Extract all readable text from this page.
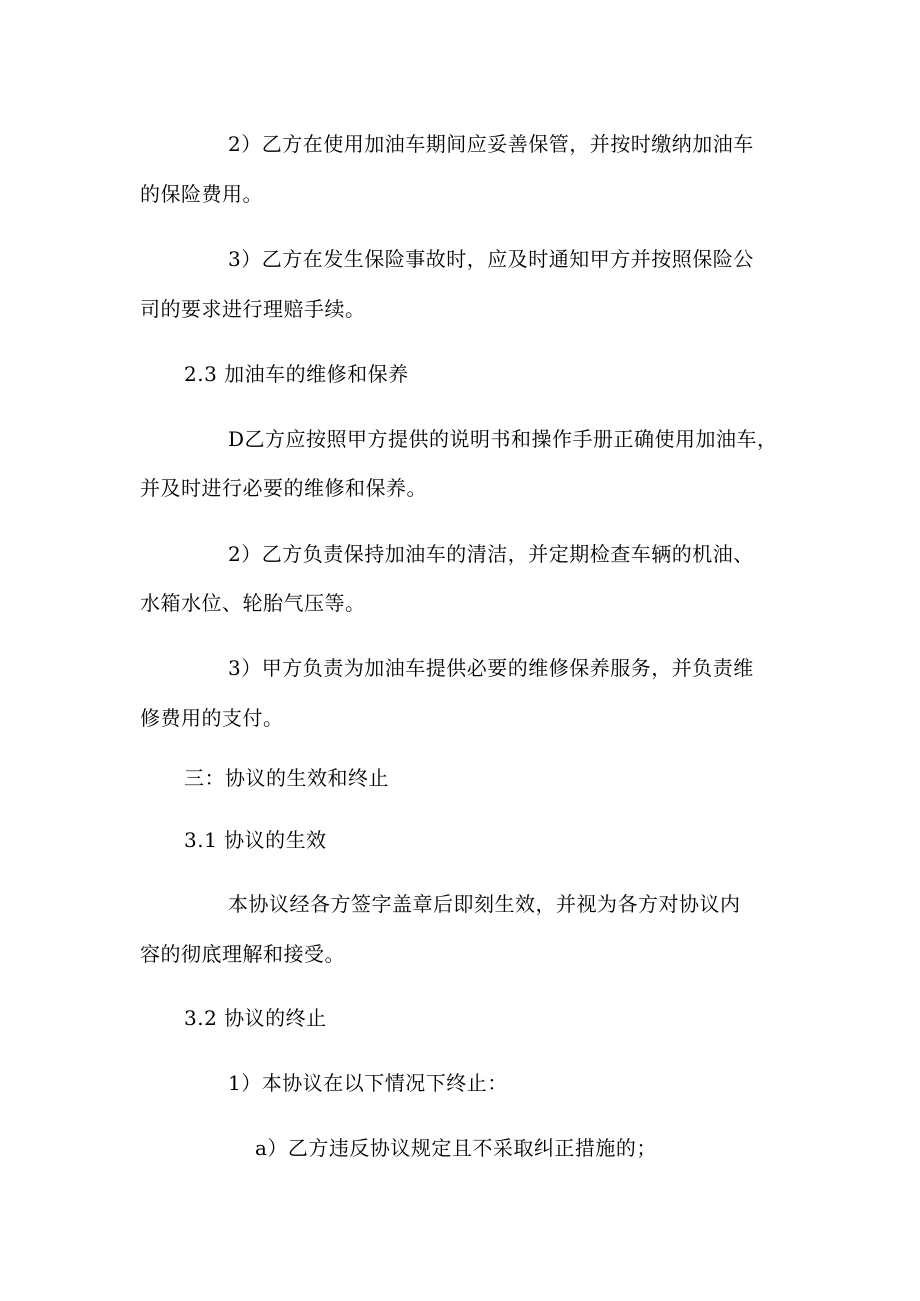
2）乙方在使用加油车期间应妥善保管，并按时缴纳加油车
的保险费用。
3）乙方在发生保险事故时，应及时通知甲方并按照保险公
司的要求进行理赔手续。
2.3 加油车的维修和保养
D乙方应按照甲方提供的说明书和操作手册正确使用加油车，
并及时进行必要的维修和保养。
2）乙方负责保持加油车的清洁，并定期检查车辆的机油、
水箱水位、轮胎气压等。
3）甲方负责为加油车提供必要的维修保养服务，并负责维
修费用的支付。
三：协议的生效和终止
3.1 协议的生效
本协议经各方签字盖章后即刻生效，并视为各方对协议内
容的彻底理解和接受。
3.2 协议的终止
1）本协议在以下情况下终止：
a）乙方违反协议规定且不采取纠正措施的；
